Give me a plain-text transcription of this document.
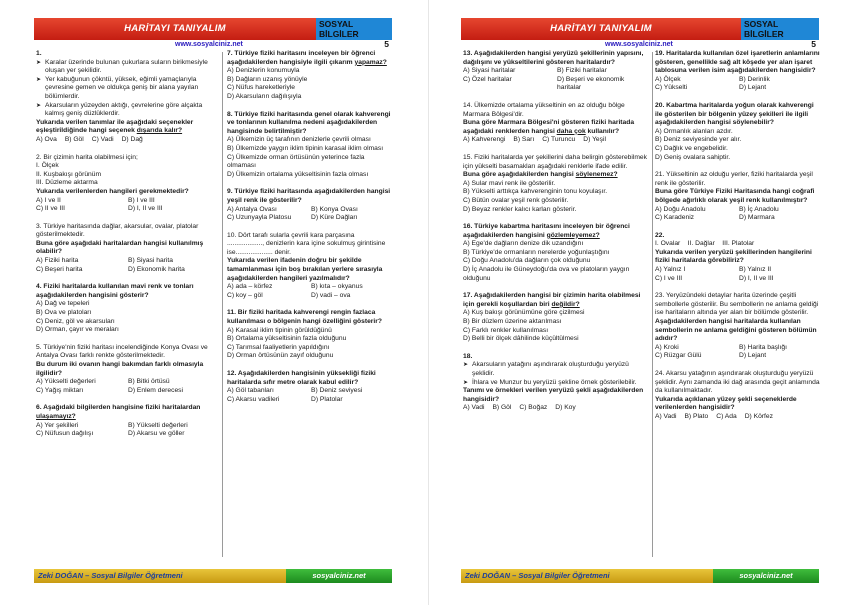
HARİTAYI TANIYALIM	SOSYAL BİLGİLER
5
www.sosyalciniz.net

1.

➤ Karalar üzerinde bulunan çukurlara suların birikmesiyle oluşan yer şekilidir.
➤ Yer kabuğunun çökntü, yüksek, eğimli yamaçlarıyla çevresine gemen ve oldukça geniş bir alana yayılan bölümlerdir.
➤ Akarsuların yüzeyden aktığı, çevrelerine göre alçakta kalmış geniş düzlüklerdir.

Yukarıda verilen tanımlar ile aşağıdaki seçenekler eşleştirildiğinde hangi seçenek dışarıda kalır?

A) Ova B) Göl C) Vadi D) Dağ

2. Bir çizimin harita olabilmesi için;

I. Ölçek

II. Kuşbakışı görünüm

III. Düzleme aktarma

Yukarıda verilenlerden hangileri gerekmektedir?

A) I ve II	B) I ve III
C) II ve III	D) I, II ve III

3. Türkiye haritasında dağlar, akarsular, ovalar, platolar gösterilmektedir.

Buna göre aşağıdaki haritalardan hangisi kullanılmış olabilir?

A) Fiziki harita	B) Siyasi harita
C) Beşeri harita	D) Ekonomik harita

4. Fiziki haritalarda kullanılan mavi renk ve tonları aşağıdakilerden hangisini gösterir?

A) Dağ ve tepeleri
B) Ova ve platoları
C) Deniz, göl ve akarsuları
D) Orman, çayır ve meraları

5. Türkiye'nin fiziki haritası incelendiğinde Konya Ovası ve Antalya Ovası farklı renkte gösterilmektedir.

Bu durum iki ovanın hangi bakımdan farklı olmasıyla ilgilidir?

A) Yükselti değerleri	B) Bitki örtüsü
C) Yağış miktarı	D) Enlem derecesi

6. Aşağıdaki bilgilerden hangisine fiziki haritalardan ulaşamayız?

A) Yer şekilleri	B) Yükselti değerleri
C) Nüfusun dağılışı	D) Akarsu ve göller

7. Türkiye fiziki haritasını inceleyen bir öğrenci aşağıdakilerden hangisiyle ilgili çıkarım yapamaz?

A) Denizlerin konumuyla
B) Dağların uzanış yönüyle
C) Nüfus hareketleriyle
D) Akarsuların dağılışıyla

8. Türkiye fiziki haritasında genel olarak kahverengi ve tonlarının kullanılma nedeni aşağıdakilerden hangisinde belirtilmiştir?

A) Ülkemizin üç tarafının denizlerle çevrili olması
B) Ülkemizde yaygın iklim tipinin karasal iklim olması
C) Ülkemizde orman örtüsünün yeterince fazla olmaması
D) Ülkemizin ortalama yükseltisinin fazla olması

9. Türkiye fiziki haritasında aşağıdakilerden hangisi yeşil renk ile gösterilir?

A) Antalya Ovası	B) Konya Ovası
C) Uzunyayla Platosu	D) Küre Dağları

10. Dört tarafı sularla çevrili kara parçasına ..................., denizlerin kara içine sokulmuş girintisine ise.................... denir.

Yukarıda verilen ifadenin doğru bir şekilde tamamlanması için boş bırakılan yerlere sırasıyla aşağıdakilerden hangileri yazılmalıdır?

A) ada – körfez	B) kıta – okyanus
C) koy – göl	D) vadi – ova

11. Bir fiziki haritada kahverengi rengin fazlaca kullanılması o bölgenin hangi özelliğini gösterir?

A) Karasal iklim tipinin görüldüğünü
B) Ortalama yükseltisinin fazla olduğunu
C) Tarımsal faaliyetlerin yapıldığını
D) Orman örtüsünün zayıf olduğunu

12. Aşağıdakilerden hangisinin yüksekliği fiziki haritalarda sıfır metre olarak kabul edilir?

A) Göl tabanları	B) Deniz seviyesi
C) Akarsu vadileri	D) Platolar
Zeki DOĞAN – Sosyal Bilgiler Öğretmeni	sosyalciniz.net
HARİTAYI TANIYALIM	SOSYAL BİLGİLER
5
www.sosyalciniz.net

13. Aşağıdakilerden hangisi yeryüzü şekillerinin yapısını, dağılışını ve yükseltilerini gösteren haritalardır?

A) Siyasi haritalar	B) Fiziki haritalar
C) Özel haritalar	D) Beşeri ve ekonomik haritalar

14. Ülkemizde ortalama yükseltinin en az olduğu bölge Marmara Bölgesi'dir.

Buna göre Marmara Bölgesi'ni gösteren fiziki haritada aşağıdaki renklerden hangisi daha çok kullanılır?

A) Kahverengi B) Sarı C) Turuncu D) Yeşil

15. Fiziki haritalarda yer şekillerini daha belirgin gösterebilmek için yükselti basamakları aşağıdaki renklerle ifade edilir.

Buna göre aşağıdakilerden hangisi söylenemez?

A) Sular mavi renk ile gösterilir.
B) Yükselti arttıkça kahverenginin tonu koyulaşır.
C) Bütün ovalar yeşil renk gösterilir.
D) Beyaz renkler kalıcı karları gösterir.

16. Türkiye kabartma haritasını inceleyen bir öğrenci aşağıdakilerden hangisini gözlemleyemez?

A) Ege'de dağların denize dik uzandığını
B) Türkiye'de ormanların nerelerde yoğunlaştığını
C) Doğu Anadolu'da dağların çok olduğunu
D) İç Anadolu ile Güneydoğu'da ova ve platoların yaygın olduğunu

17. Aşağıdakilerden hangisi bir çizimin harita olabilmesi için gerekli koşullardan biri değildir?

A) Kuş bakışı görünümüne göre çizilmesi
B) Bir düzlem üzerine aktarılması
C) Farklı renkler kullanılması
D) Belli bir ölçek dâhilinde küçültülmesi

18.

➤ Akarsuların yatağını aşındırarak oluşturduğu yeryüzü şeklidir.
➤ İhlara ve Munzur bu yeryüzü şekline örnek gösterilebilir.

Tanımı ve örnekleri verilen yeryüzü şekli aşağıdakilerden hangisidir?

A) Vadi B) Göl C) Boğaz D) Koy

19. Haritalarda kullanılan özel işaretlerin anlamlarını gösteren, genellikle sağ alt köşede yer alan işaret tablosuna verilen isim aşağıdakilerden hangisidir?

A) Ölçek	B) Derinlik
C) Yükselti	D) Lejant

20. Kabartma haritalarda yoğun olarak kahverengi ile gösterilen bir bölgenin yüzey şekilleri ile ilgili aşağıdakilerden hangisi söylenebilir?

A) Ormanlık alanları azdır.
B) Deniz seviyesinde yer alır.
C) Dağlık ve engebelidir.
D) Geniş ovalara sahiptir.

21. Yükseltinin az olduğu yerler, fiziki haritalarda yeşil renk ile gösterilir.

Buna göre Türkiye Fiziki Haritasında hangi coğrafi bölgede ağırlıklı olarak yeşil renk kullanılmıştır?

A) Doğu Anadolu	B) İç Anadolu
C) Karadeniz	D) Marmara

22.

I. Ovalar    II. Dağlar    III. Platolar

Yukarıda verilen yeryüzü şekillerinden hangilerini fiziki haritalarda görebiliriz?

A) Yalnız I	B) Yalnız II
C) I ve III	D) I, II ve III

23. Yeryüzündeki detaylar harita üzerinde çeşitli sembollerle gösterilir. Bu sembollerin ne anlama geldiği ise haritaların altında yer alan bir bölümde gösterilir.

Aşağıdakilerden hangisi haritalarda kullanılan sembollerin ne anlama geldiğini gösteren bölümün adıdır?

A) Kroki	B) Harita başlığı
C) Rüzgar Gülü	D) Lejant

24. Akarsu yatağının aşındırarak oluşturduğu yeryüzü şeklidir. Aynı zamanda iki dağ arasında geçit anlamında da kullanılmaktadır.

Yukarıda açıklanan yüzey şekli seçeneklerde verilenlerden hangisidir?

A) Vadi B) Plato C) Ada D) Körfez
Zeki DOĞAN – Sosyal Bilgiler Öğretmeni	sosyalciniz.net
